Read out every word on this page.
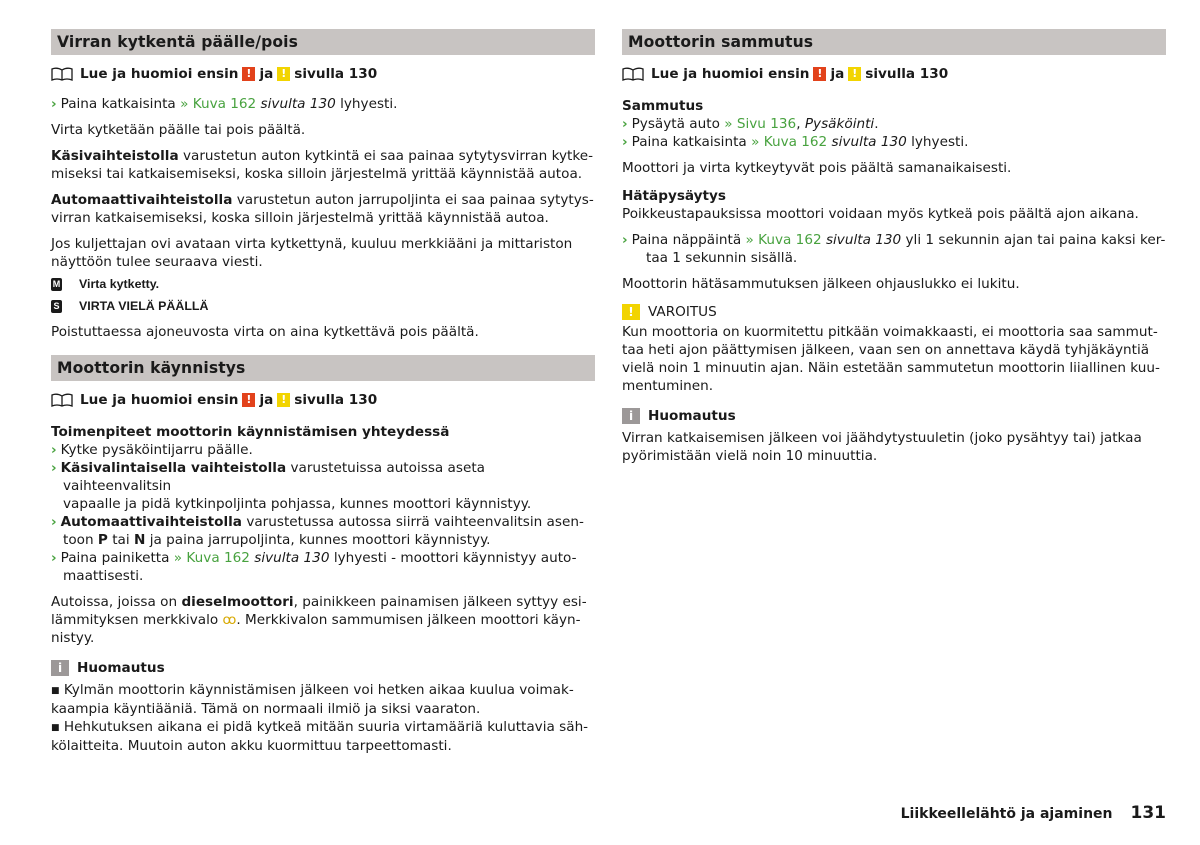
Virran kytkentä päälle/pois
Lue ja huomioi ensin ! ja ! sivulla 130

› Paina katkaisinta » Kuva 162 sivulta 130 lyhyesti.

Virta kytketään päälle tai pois päältä.

Käsivaihteistolla varustetun auton kytkintä ei saa painaa sytytysvirran kytke-
miseksi tai katkaisemiseksi, koska silloin järjestelmä yrittää käynnistää autoa.

Automaattivaihteistolla varustetun auton jarrupoljinta ei saa painaa sytytys-
virran katkaisemiseksi, koska silloin järjestelmä yrittää käynnistää autoa.

Jos kuljettajan ovi avataan virta kytkettynä, kuuluu merkkiääni ja mittariston
näyttöön tulee seuraava viesti.

M Virta kytketty.
S VIRTA VIELÄ PÄÄLLÄ

Poistuttaessa ajoneuvosta virta on aina kytkettävä pois päältä.

Moottorin käynnistys
Lue ja huomioi ensin ! ja ! sivulla 130

Toimenpiteet moottorin käynnistämisen yhteydessä

› Kytke pysäköintijarru päälle.

› Käsivalintaisella vaihteistolla varustetuissa autoissa aseta vaihteenvalitsin
vapaalle ja pidä kytkinpoljinta pohjassa, kunnes moottori käynnistyy.

› Automaattivaihteistolla varustetussa autossa siirrä vaihteenvalitsin asen-
toon P tai N ja paina jarrupoljinta, kunnes moottori käynnistyy.

› Paina painiketta » Kuva 162 sivulta 130 lyhyesti - moottori käynnistyy auto-
maattisesti.

Autoissa, joissa on dieselmoottori, painikkeen painamisen jälkeen syttyy esi-
lämmityksen merkkivalo ꝏ. Merkkivalon sammumisen jälkeen moottori käyn-
nistyy.

i	Huomautus

■ Kylmän moottorin käynnistämisen jälkeen voi hetken aikaa kuulua voimak-
kaampia käyntiääniä. Tämä on normaali ilmiö ja siksi vaaraton.

■ Hehkutuksen aikana ei pidä kytkeä mitään suuria virtamääriä kuluttavia säh-
kölaitteita. Muutoin auton akku kuormittuu tarpeettomasti.

Moottorin sammutus
Lue ja huomioi ensin ! ja ! sivulla 130

Sammutus

› Pysäytä auto » Sivu 136, Pysäköinti.

› Paina katkaisinta » Kuva 162 sivulta 130 lyhyesti.

Moottori ja virta kytkeytyvät pois päältä samanaikaisesti.

Hätäpysäytys

Poikkeustapauksissa moottori voidaan myös kytkeä pois päältä ajon aikana.

› Paina näppäintä » Kuva 162 sivulta 130 yli 1 sekunnin ajan tai paina kaksi ker-
taa 1 sekunnin sisällä.

Moottorin hätäsammutuksen jälkeen ohjauslukko ei lukitu.

!	VAROITUS

Kun moottoria on kuormitettu pitkään voimakkaasti, ei moottoria saa sammut-
taa heti ajon päättymisen jälkeen, vaan sen on annettava käydä tyhjäkäyntiä
vielä noin 1 minuutin ajan. Näin estetään sammutetun moottorin liiallinen kuu-
mentuminen.

i	Huomautus

Virran katkaisemisen jälkeen voi jäähdytystuuletin (joko pysähtyy tai) jatkaa
pyörimistään vielä noin 10 minuuttia.

Liikkeellelähtö ja ajaminen 131
